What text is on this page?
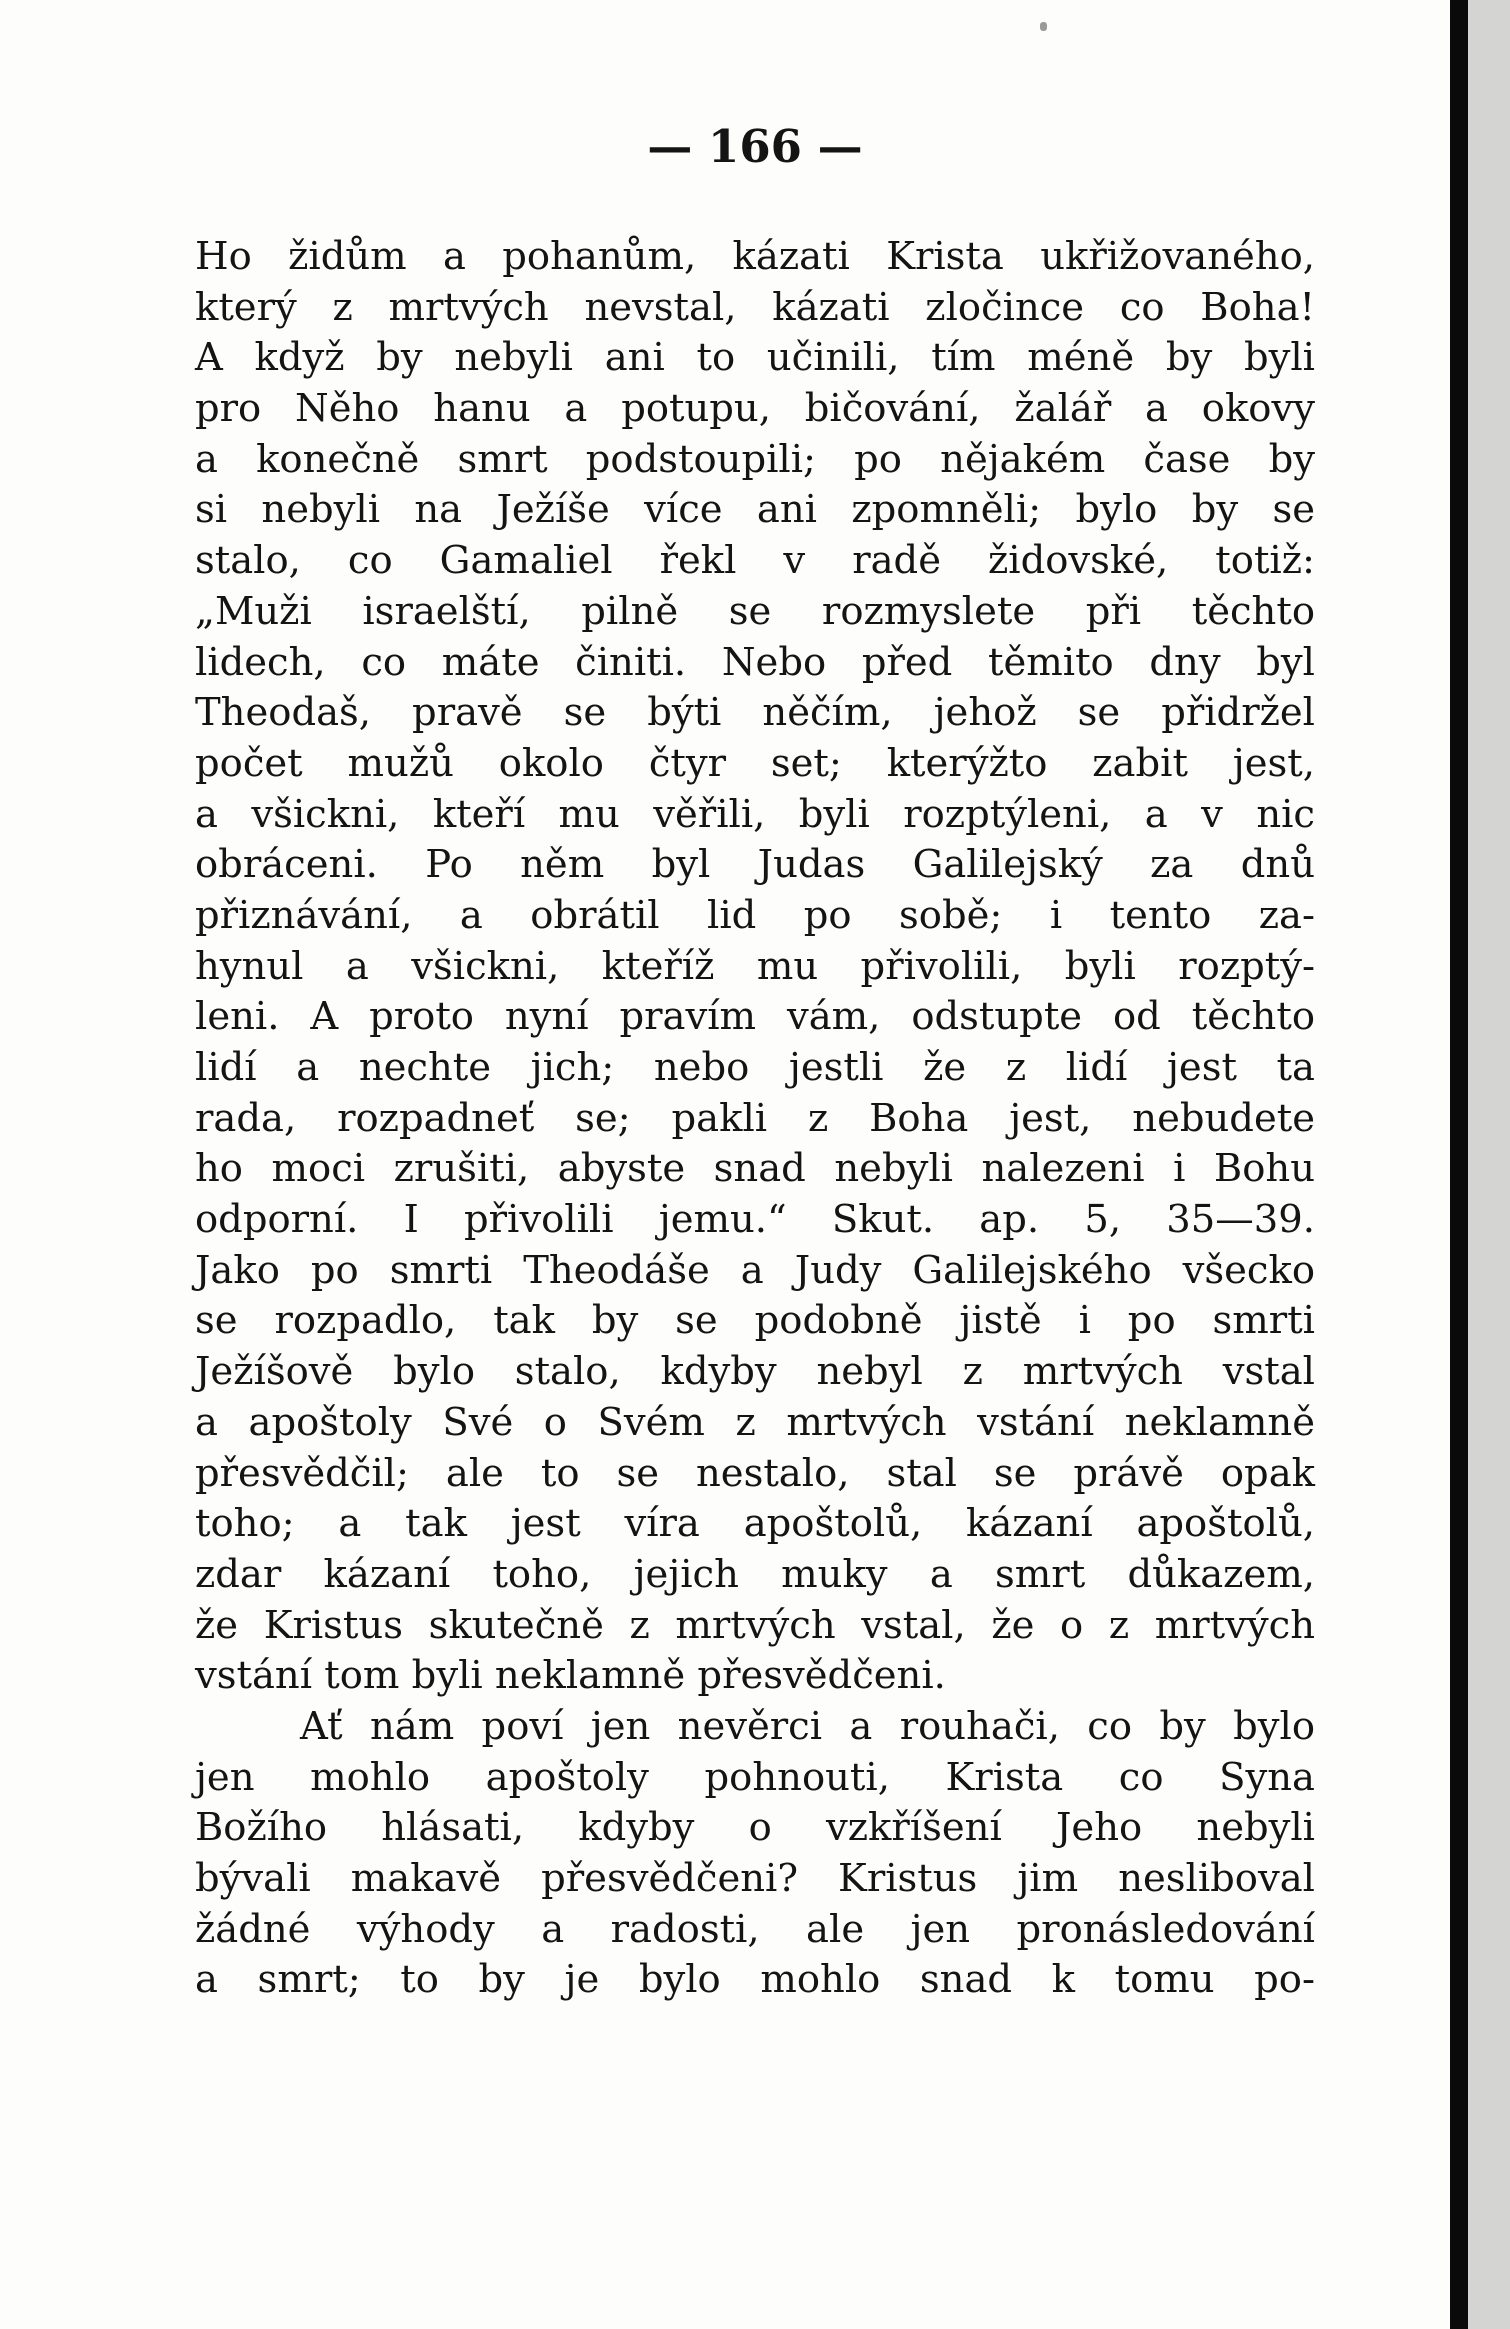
— 166 —
Ho židům a pohanům, kázati Krista ukřižovaného,
který z mrtvých nevstal, kázati zločince co Boha!
A když by nebyli ani to učinili, tím méně by byli
pro Něho hanu a potupu, bičování, žalář a okovy
a konečně smrt podstoupili; po nějakém čase by
si nebyli na Ježíše více ani zpomněli; bylo by se
stalo, co Gamaliel řekl v radě židovské, totiž:
„Muži israelští, pilně se rozmyslete při těchto
lidech, co máte činiti. Nebo před těmito dny byl
Theodaš, pravě se býti něčím, jehož se přidržel
počet mužů okolo čtyr set; kterýžto zabit jest,
a všickni, kteří mu věřili, byli rozptýleni, a v nic
obráceni. Po něm byl Judas Galilejský za dnů
přiznávání, a obrátil lid po sobě; i tento za-
hynul a všickni, kteříž mu přivolili, byli rozptý-
leni. A proto nyní pravím vám, odstupte od těchto
lidí a nechte jich; nebo jestli že z lidí jest ta
rada, rozpadneť se; pakli z Boha jest, nebudete
ho moci zrušiti, abyste snad nebyli nalezeni i Bohu
odporní. I přivolili jemu.“ Skut. ap. 5, 35—39.
Jako po smrti Theodáše a Judy Galilejského všecko
se rozpadlo, tak by se podobně jistě i po smrti
Ježíšově bylo stalo, kdyby nebyl z mrtvých vstal
a apoštoly Své o Svém z mrtvých vstání neklamně
přesvědčil; ale to se nestalo, stal se právě opak
toho; a tak jest víra apoštolů, kázaní apoštolů,
zdar kázaní toho, jejich muky a smrt důkazem,
že Kristus skutečně z mrtvých vstal, že o z mrtvých
vstání tom byli neklamně přesvědčeni.
Ať nám poví jen nevěrci a rouhači, co by bylo
jen mohlo apoštoly pohnouti, Krista co Syna
Božího hlásati, kdyby o vzkříšení Jeho nebyli
bývali makavě přesvědčeni? Kristus jim nesliboval
žádné výhody a radosti, ale jen pronásledování
a smrt; to by je bylo mohlo snad k tomu po-
